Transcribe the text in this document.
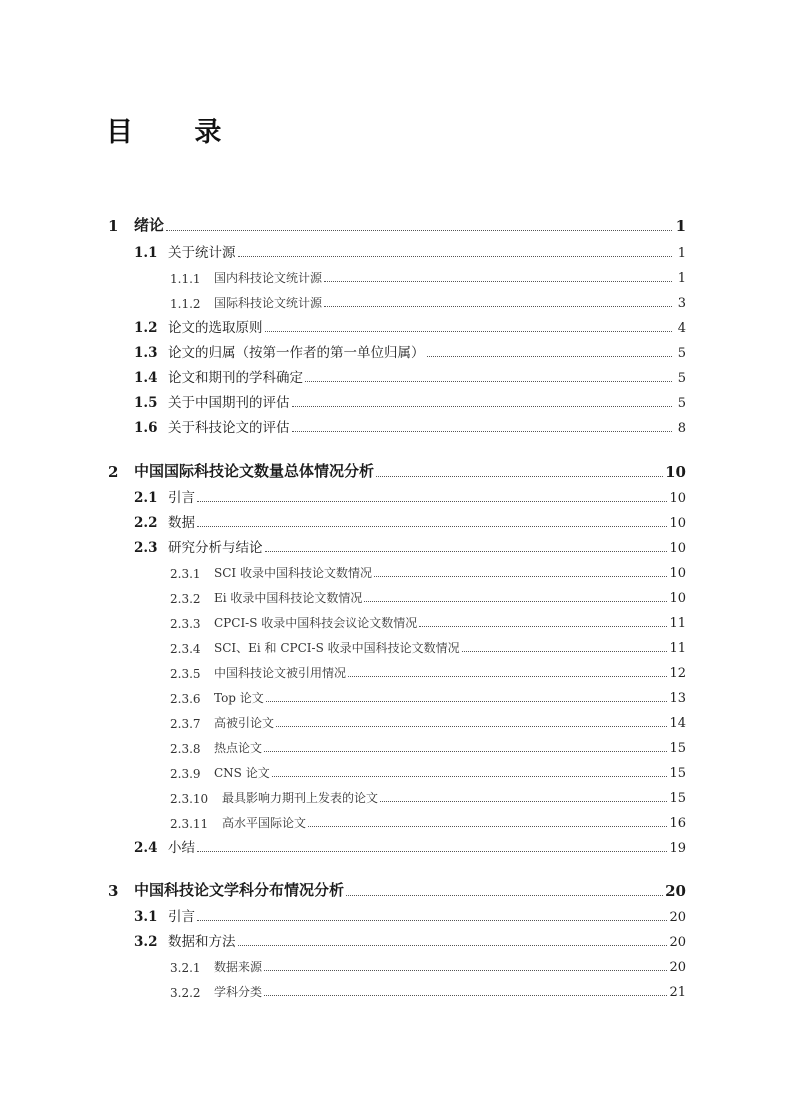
目 录
1	绪论	1
1.1 关于统计源	1
1.1.1	国内科技论文统计源	1
1.1.2	国际科技论文统计源	3
1.2 论文的选取原则	4
1.3 论文的归属（按第一作者的第一单位归属）	5
1.4 论文和期刊的学科确定	5
1.5 关于中国期刊的评估	5
1.6 关于科技论文的评估	8
2	中国国际科技论文数量总体情况分析	10
2.1 引言	10
2.2 数据	10
2.3 研究分析与结论	10
2.3.1	SCI 收录中国科技论文数情况	10
2.3.2	Ei 收录中国科技论文数情况	10
2.3.3	CPCI-S 收录中国科技会议论文数情况	11
2.3.4	SCI、Ei 和 CPCI-S 收录中国科技论文数情况	11
2.3.5	中国科技论文被引用情况	12
2.3.6	Top 论文	13
2.3.7	高被引论文	14
2.3.8	热点论文	15
2.3.9	CNS 论文	15
2.3.10	最具影响力期刊上发表的论文	15
2.3.11	高水平国际论文	16
2.4 小结	19
3	中国科技论文学科分布情况分析	20
3.1 引言	20
3.2 数据和方法	20
3.2.1	数据来源	20
3.2.2	学科分类	21
